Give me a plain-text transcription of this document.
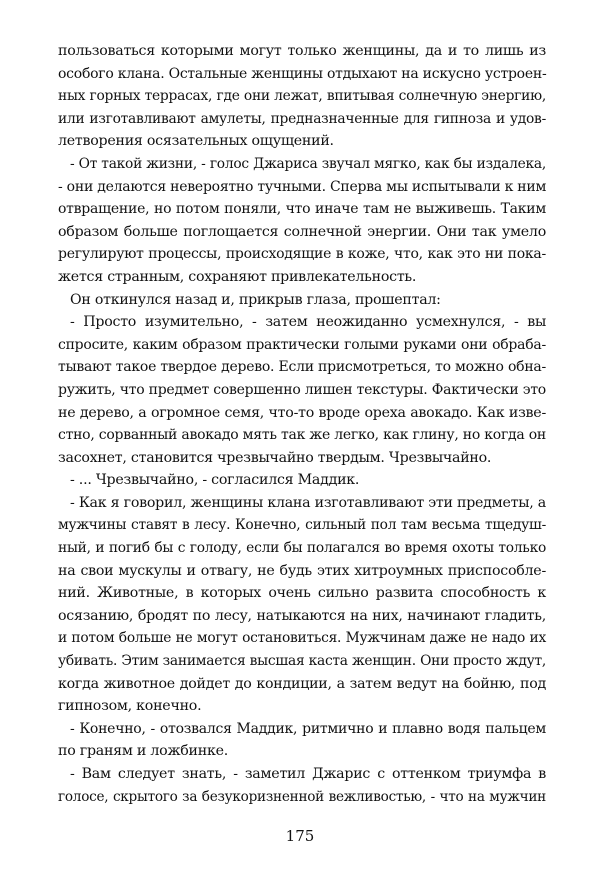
пользоваться которыми могут только женщины, да и то лишь из
особого клана. Остальные женщины отдыхают на искусно устроен-
ных горных террасах, где они лежат, впитывая солнечную энергию,
или изготавливают амулеты, предназначенные для гипноза и удов-
летворения осязательных ощущений.
- От такой жизни, - голос Джариса звучал мягко, как бы издалека,
- они делаются невероятно тучными. Сперва мы испытывали к ним
отвращение, но потом поняли, что иначе там не выживешь. Таким
образом больше поглощается солнечной энергии. Они так умело
регулируют процессы, происходящие в коже, что, как это ни пока-
жется странным, сохраняют привлекательность.
Он откинулся назад и, прикрыв глаза, прошептал:
- Просто изумительно, - затем неожиданно усмехнулся, - вы
спросите, каким образом практически голыми руками они обраба-
тывают такое твердое дерево. Если присмотреться, то можно обна-
ружить, что предмет совершенно лишен текстуры. Фактически это
не дерево, а огромное семя, что-то вроде ореха авокадо. Как изве-
стно, сорванный авокадо мять так же легко, как глину, но когда он
засохнет, становится чрезвычайно твердым. Чрезвычайно.
- ... Чрезвычайно, - согласился Маддик.
- Как я говорил, женщины клана изготавливают эти предметы, а
мужчины ставят в лесу. Конечно, сильный пол там весьма тщедуш-
ный, и погиб бы с голоду, если бы полагался во время охоты только
на свои мускулы и отвагу, не будь этих хитроумных приспособле-
ний. Животные, в которых очень сильно развита способность к
осязанию, бродят по лесу, натыкаются на них, начинают гладить,
и потом больше не могут остановиться. Мужчинам даже не надо их
убивать. Этим занимается высшая каста женщин. Они просто ждут,
когда животное дойдет до кондиции, а затем ведут на бойню, под
гипнозом, конечно.
- Конечно, - отозвался Маддик, ритмично и плавно водя пальцем
по граням и ложбинке.
- Вам следует знать, - заметил Джарис с оттенком триумфа в
голосе, скрытого за безукоризненной вежливостью, - что на мужчин
175
